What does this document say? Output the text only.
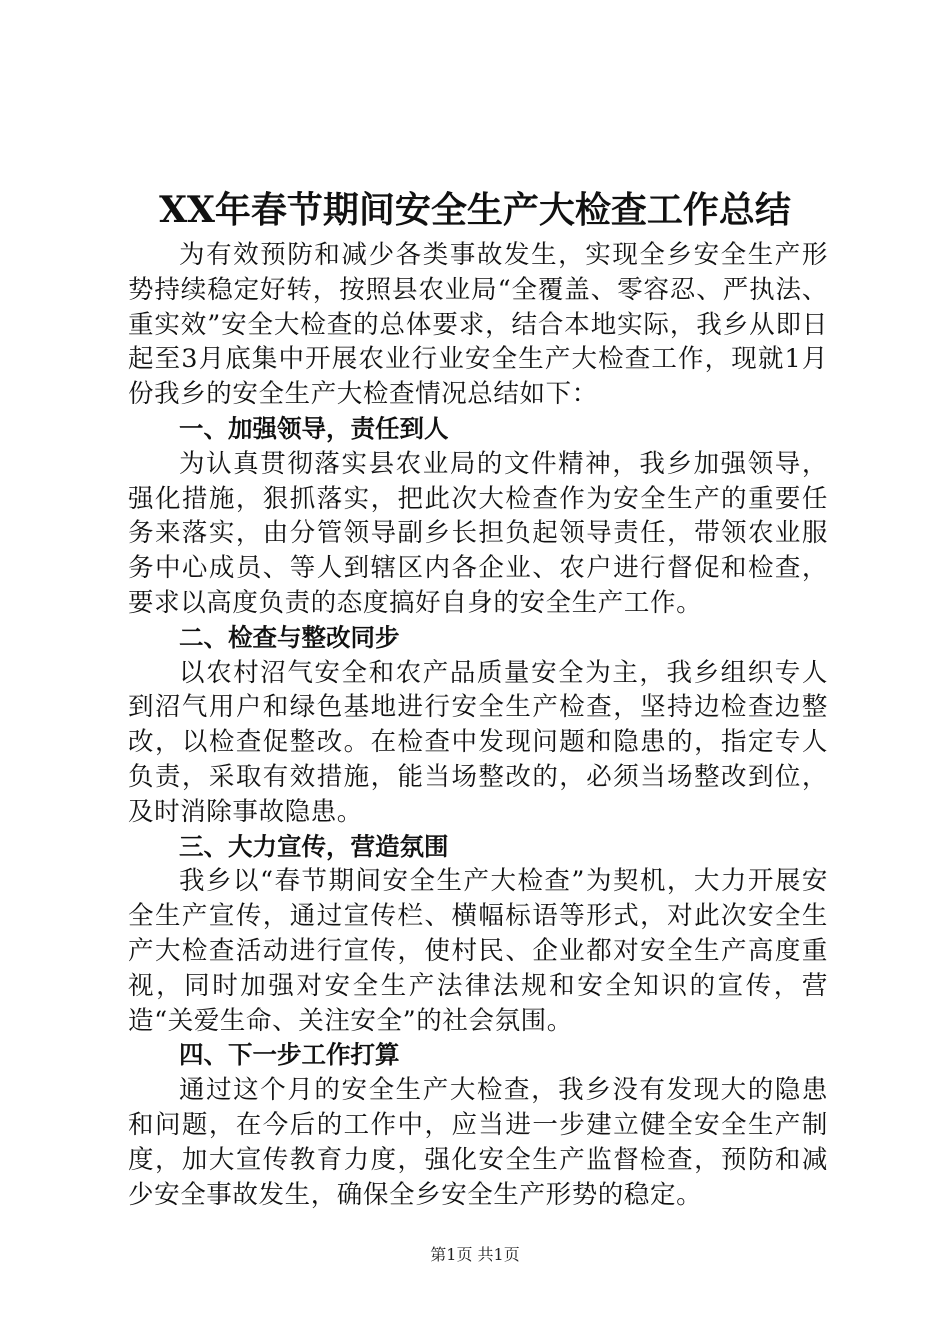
XX年春节期间安全生产大检查工作总结

为有效预防和减少各类事故发生，实现全乡安全生产形势持续稳定好转，按照县农业局“全覆盖、零容忍、严执法、重实效”安全大检查的总体要求，结合本地实际，我乡从即日起至3月底集中开展农业行业安全生产大检查工作，现就1月份我乡的安全生产大检查情况总结如下：

一、加强领导，责任到人

为认真贯彻落实县农业局的文件精神，我乡加强领导，强化措施，狠抓落实，把此次大检查作为安全生产的重要任务来落实，由分管领导副乡长担负起领导责任，带领农业服务中心成员、等人到辖区内各企业、农户进行督促和检查，要求以高度负责的态度搞好自身的安全生产工作。

二、检查与整改同步

以农村沼气安全和农产品质量安全为主，我乡组织专人到沼气用户和绿色基地进行安全生产检查，坚持边检查边整改，以检查促整改。在检查中发现问题和隐患的，指定专人负责，采取有效措施，能当场整改的，必须当场整改到位，及时消除事故隐患。

三、大力宣传，营造氛围

我乡以“春节期间安全生产大检查”为契机，大力开展安全生产宣传，通过宣传栏、横幅标语等形式，对此次安全生产大检查活动进行宣传，使村民、企业都对安全生产高度重视，同时加强对安全生产法律法规和安全知识的宣传，营造“关爱生命、关注安全”的社会氛围。

四、下一步工作打算

通过这个月的安全生产大检查，我乡没有发现大的隐患和问题，在今后的工作中，应当进一步建立健全安全生产制度，加大宣传教育力度，强化安全生产监督检查，预防和减少安全事故发生，确保全乡安全生产形势的稳定。

第1页 共1页
